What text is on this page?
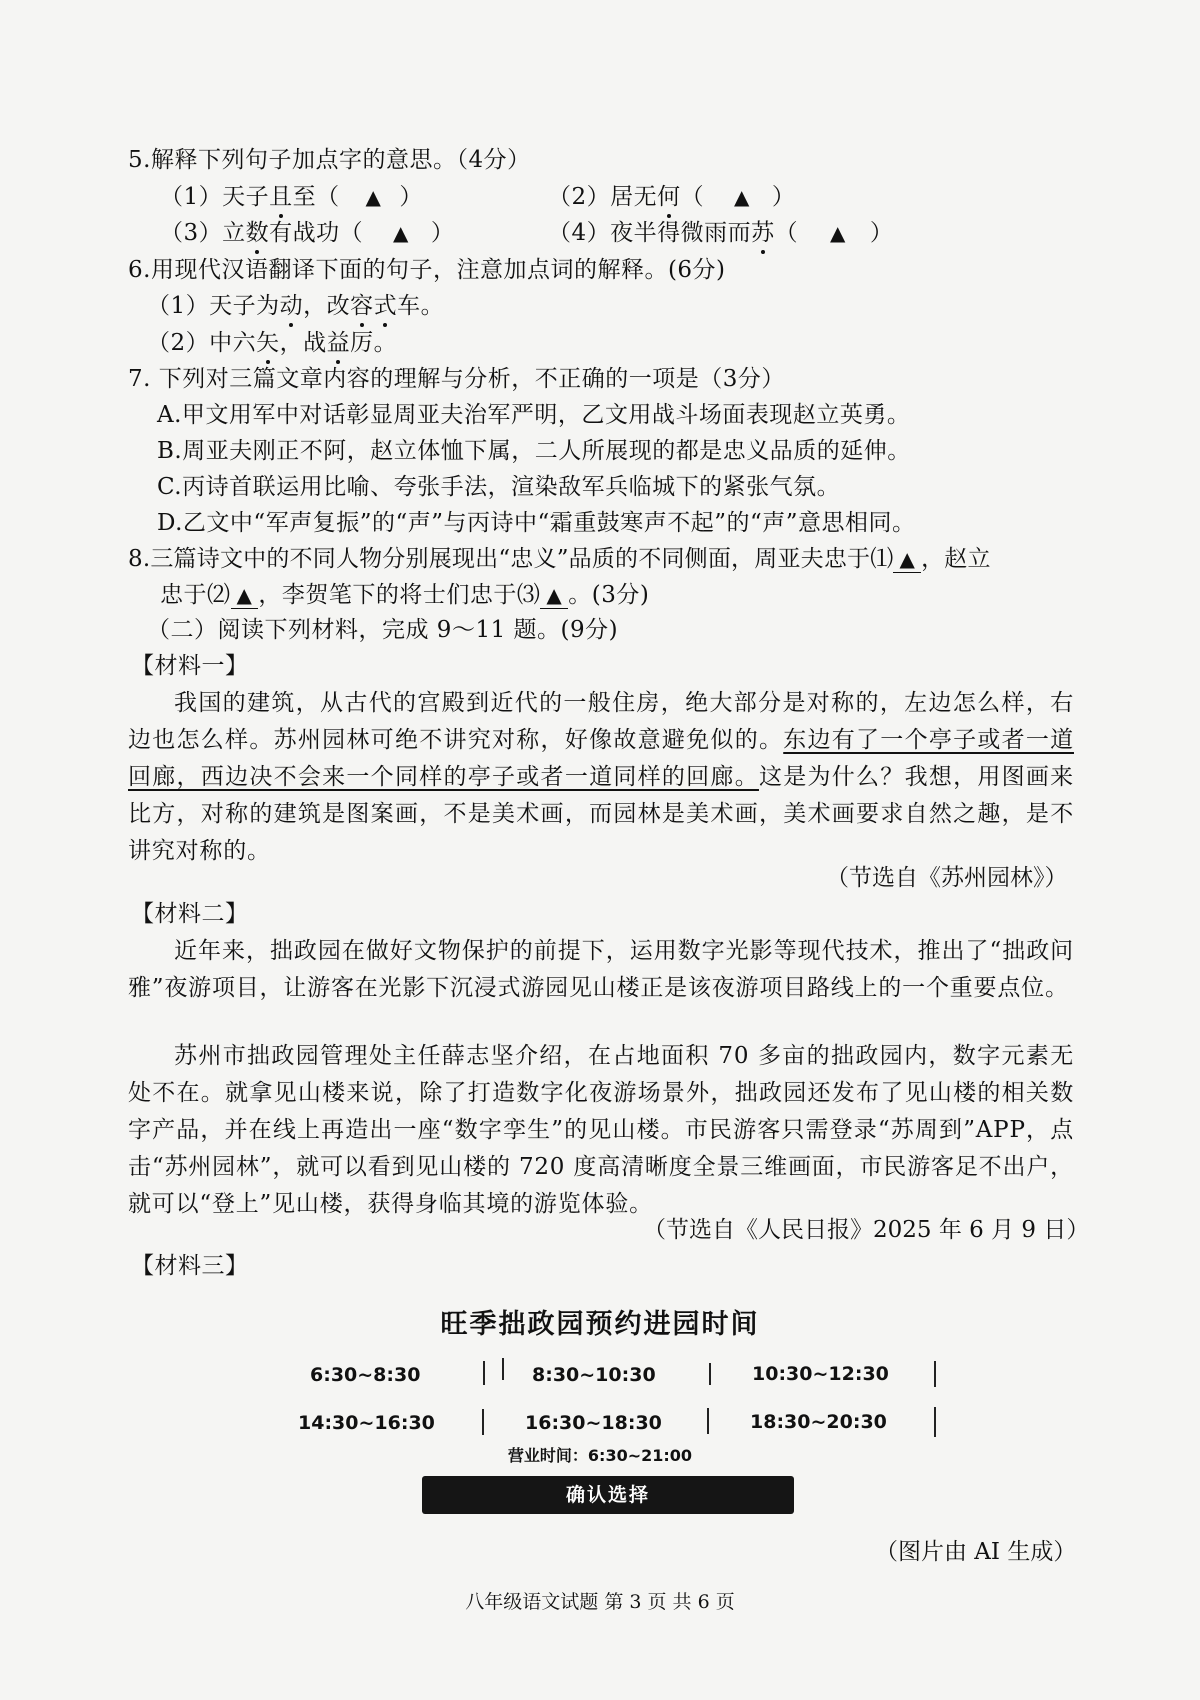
5.解释下列句子加点字的意思。（4分）
（1）天子且至（ ▲ ）	（2）居无何（ ▲ ）
（3）立数有战功（ ▲ ）	（4）夜半得微雨而苏（ ▲ ）
6.用现代汉语翻译下面的句子，注意加点词的解释。(6分)
（1）天子为动，改容式车。
（2）中六矢，战益厉。
7. 下列对三篇文章内容的理解与分析，不正确的一项是（3分）
A.甲文用军中对话彰显周亚夫治军严明，乙文用战斗场面表现赵立英勇。
B.周亚夫刚正不阿，赵立体恤下属，二人所展现的都是忠义品质的延伸。
C.丙诗首联运用比喻、夸张手法，渲染敌军兵临城下的紧张气氛。
D.乙文中“军声复振”的“声”与丙诗中“霜重鼓寒声不起”的“声”意思相同。
8.三篇诗文中的不同人物分别展现出“忠义”品质的不同侧面，周亚夫忠于⑴ ▲ ，赵立
忠于⑵ ▲ ，李贺笔下的将士们忠于⑶ ▲ 。(3分)
（二）阅读下列材料，完成 9～11 题。(9分)
【材料一】
我国的建筑，从古代的宫殿到近代的一般住房，绝大部分是对称的，左边怎么样，右边也怎么样。苏州园林可绝不讲究对称，好像故意避免似的。东边有了一个亭子或者一道回廊，西边决不会来一个同样的亭子或者一道同样的回廊。这是为什么？我想，用图画来比方，对称的建筑是图案画，不是美术画，而园林是美术画，美术画要求自然之趣，是不讲究对称的。
（节选自《苏州园林》）
【材料二】
近年来，拙政园在做好文物保护的前提下，运用数字光影等现代技术，推出了“拙政问雅”夜游项目，让游客在光影下沉浸式游园见山楼正是该夜游项目路线上的一个重要点位。
苏州市拙政园管理处主任薛志坚介绍，在占地面积 70 多亩的拙政园内，数字元素无处不在。就拿见山楼来说，除了打造数字化夜游场景外，拙政园还发布了见山楼的相关数字产品，并在线上再造出一座“数字孪生”的见山楼。市民游客只需登录“苏周到”APP，点击“苏州园林”，就可以看到见山楼的 720 度高清晰度全景三维画面，市民游客足不出户，就可以“登上”见山楼，获得身临其境的游览体验。
（节选自《人民日报》2025 年 6 月 9 日）
【材料三】
旺季拙政园预约进园时间
6:30~8:30	8:30~10:30	10:30~12:30
14:30~16:30	16:30~18:30	18:30~20:30
营业时间：6:30~21:00
确认选择
（图片由 AI 生成）
八年级语文试题 第 3 页 共 6 页
